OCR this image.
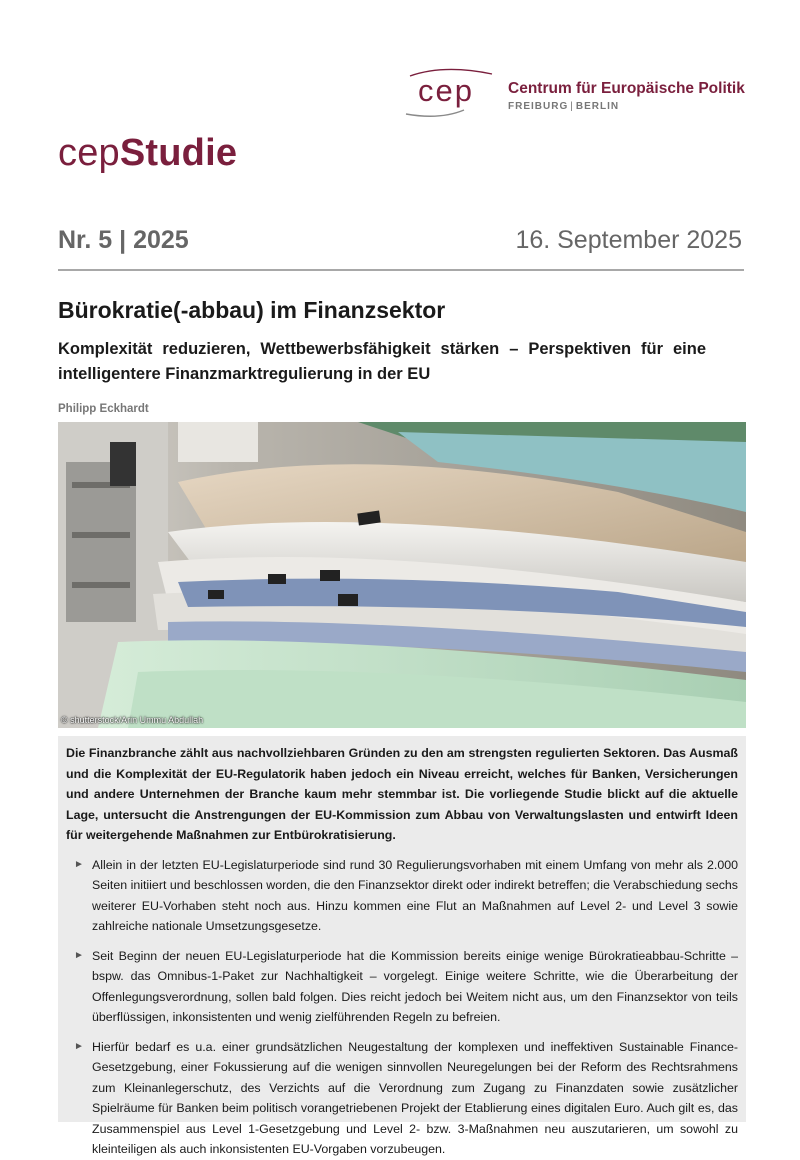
cep Centrum für Europäische Politik
FREIBURG | BERLIN
cepStudie
Nr. 5 | 2025	16. September 2025
Bürokratie(-abbau) im Finanzsektor
Komplexität reduzieren, Wettbewerbsfähigkeit stärken – Perspektiven für eine intelligentere Finanzmarktregulierung in der EU
Philipp Eckhardt
© shutterstock/Arin Ummu Abdullah

Die Finanzbranche zählt aus nachvollziehbaren Gründen zu den am strengsten regulierten Sektoren. Das Ausmaß und die Komplexität der EU-Regulatorik haben jedoch ein Niveau erreicht, welches für Banken, Versicherungen und andere Unternehmen der Branche kaum mehr stemmbar ist. Die vorliegende Studie blickt auf die aktuelle Lage, untersucht die Anstrengungen der EU-Kommission zum Abbau von Verwaltungslasten und entwirft Ideen für weitergehende Maßnahmen zur Entbürokratisierung.

► Allein in der letzten EU-Legislaturperiode sind rund 30 Regulierungsvorhaben mit einem Umfang von mehr als 2.000 Seiten initiiert und beschlossen worden, die den Finanzsektor direkt oder indirekt betreffen; die Verabschiedung sechs weiterer EU-Vorhaben steht noch aus. Hinzu kommen eine Flut an Maßnahmen auf Level 2- und Level 3 sowie zahlreiche nationale Umsetzungsgesetze.
► Seit Beginn der neuen EU-Legislaturperiode hat die Kommission bereits einige wenige Bürokratieabbau-Schritte – bspw. das Omnibus-1-Paket zur Nachhaltigkeit – vorgelegt. Einige weitere Schritte, wie die Überarbeitung der Offenlegungsverordnung, sollen bald folgen. Dies reicht jedoch bei Weitem nicht aus, um den Finanzsektor von teils überflüssigen, inkonsistenten und wenig zielführenden Regeln zu befreien.
► Hierfür bedarf es u.a. einer grundsätzlichen Neugestaltung der komplexen und ineffektiven Sustainable Finance-Gesetzgebung, einer Fokussierung auf die wenigen sinnvollen Neuregelungen bei der Reform des Rechtsrahmens zum Kleinanlegerschutz, des Verzichts auf die Verordnung zum Zugang zu Finanzdaten sowie zusätzlicher Spielräume für Banken beim politisch vorangetriebenen Projekt der Etablierung eines digitalen Euro. Auch gilt es, das Zusammenspiel aus Level 1-Gesetzgebung und Level 2- bzw. 3-Maßnahmen neu auszutarieren, um sowohl zu kleinteiligen als auch inkonsistenten EU-Vorgaben vorzubeugen.
